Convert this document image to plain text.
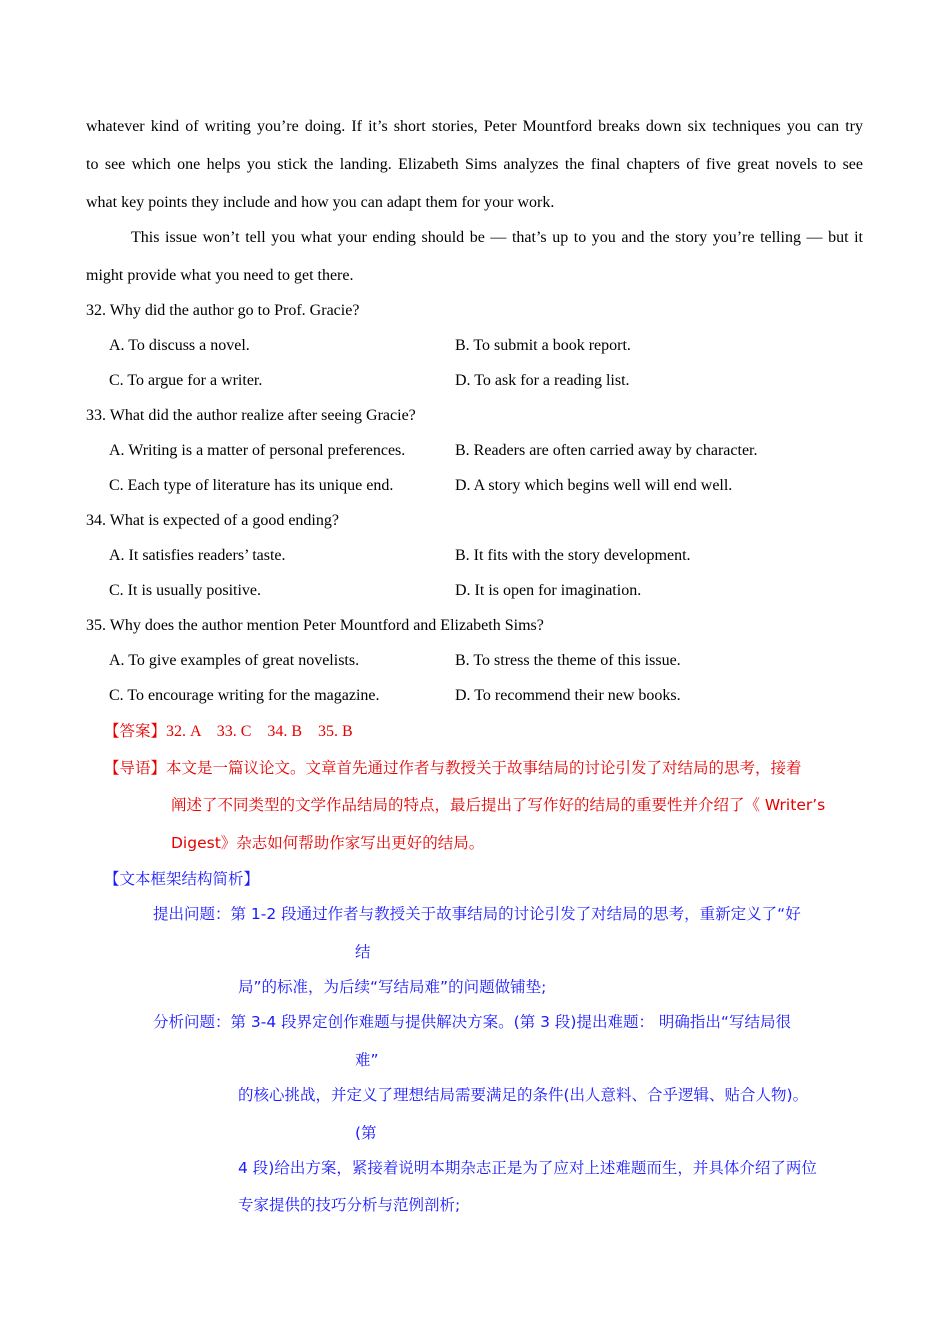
whatever kind of writing you’re doing. If it’s short stories, Peter Mountford breaks down six techniques you can try
to see which one helps you stick the landing. Elizabeth Sims analyzes the final chapters of five great novels to see
what key points they include and how you can adapt them for your work.
This issue won’t tell you what your ending should be — that’s up to you and the story you’re telling — but it
might provide what you need to get there.
32. Why did the author go to Prof. Gracie?
A. To discuss a novel.	B. To submit a book report.
C. To argue for a writer.	D. To ask for a reading list.
33. What did the author realize after seeing Gracie?
A. Writing is a matter of personal preferences.	B. Readers are often carried away by character.
C. Each type of literature has its unique end.	D. A story which begins well will end well.
34. What is expected of a good ending?
A. It satisfies readers’ taste.	B. It fits with the story development.
C. It is usually positive.	D. It is open for imagination.
35. Why does the author mention Peter Mountford and Elizabeth Sims?
A. To give examples of great novelists.	B. To stress the theme of this issue.
C. To encourage writing for the magazine.	D. To recommend their new books.
【答案】32. A    33. C    34. B    35. B
【导语】本文是一篇议论文。文章首先通过作者与教授关于故事结局的讨论引发了对结局的思考，接着
阐述了不同类型的文学作品结局的特点，最后提出了写作好的结局的重要性并介绍了《 Writer’s
Digest》杂志如何帮助作家写出更好的结局。
【文本框架结构简析】
提出问题：第 1-2 段通过作者与教授关于故事结局的讨论引发了对结局的思考，重新定义了“好
结
局”的标准，为后续“写结局难”的问题做铺垫;
分析问题：第 3-4 段界定创作难题与提供解决方案。(第 3 段)提出难题： 明确指出“写结局很
难”
的核心挑战，并定义了理想结局需要满足的条件(出人意料、合乎逻辑、贴合人物)。
(第
4 段)给出方案，紧接着说明本期杂志正是为了应对上述难题而生，并具体介绍了两位
专家提供的技巧分析与范例剖析;
